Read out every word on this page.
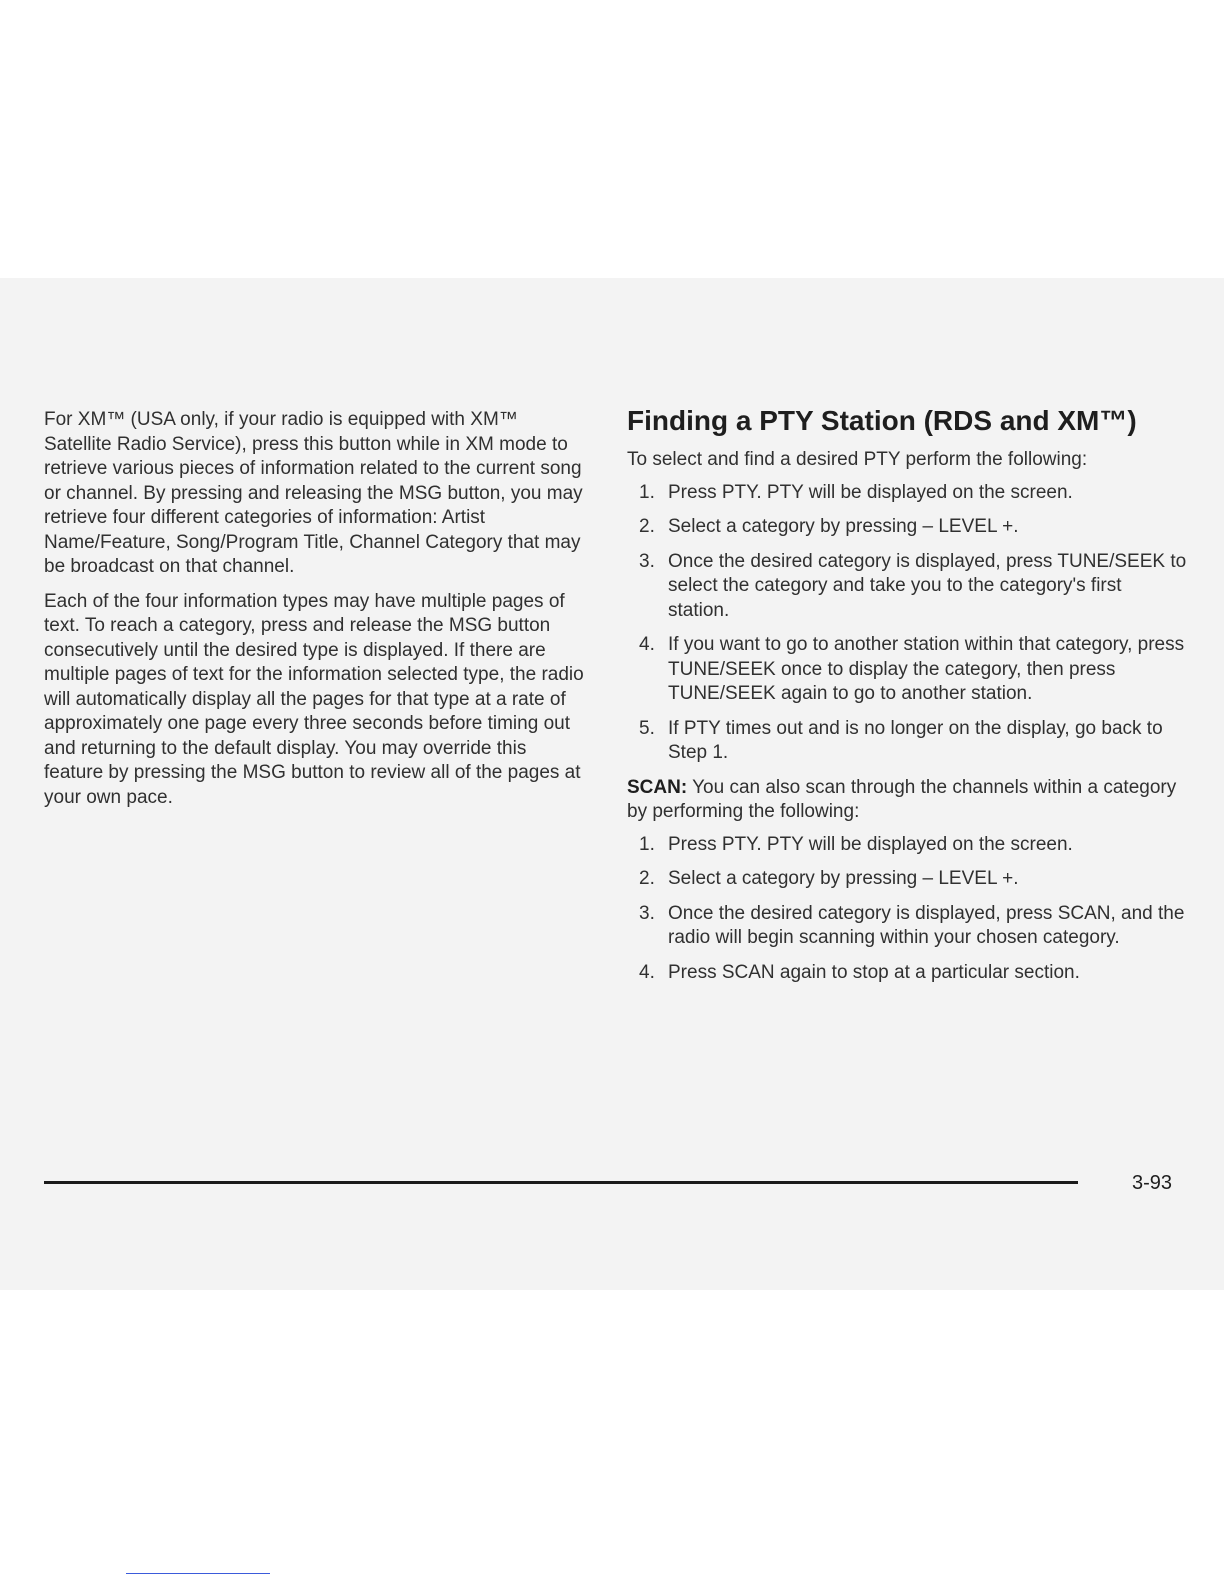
For XM™ (USA only, if your radio is equipped with XM™ Satellite Radio Service), press this button while in XM mode to retrieve various pieces of information related to the current song or channel. By pressing and releasing the MSG button, you may retrieve four different categories of information: Artist Name/Feature, Song/Program Title, Channel Category that may be broadcast on that channel.

Each of the four information types may have multiple pages of text. To reach a category, press and release the MSG button consecutively until the desired type is displayed. If there are multiple pages of text for the information selected type, the radio will automatically display all the pages for that type at a rate of approximately one page every three seconds before timing out and returning to the default display. You may override this feature by pressing the MSG button to review all of the pages at your own pace.

Finding a PTY Station (RDS and XM™)

To select and find a desired PTY perform the following:

1. Press PTY. PTY will be displayed on the screen.
2. Select a category by pressing – LEVEL +.
3. Once the desired category is displayed, press TUNE/SEEK to select the category and take you to the category's first station.
4. If you want to go to another station within that category, press TUNE/SEEK once to display the category, then press TUNE/SEEK again to go to another station.
5. If PTY times out and is no longer on the display, go back to Step 1.

SCAN: You can also scan through the channels within a category by performing the following:

1. Press PTY. PTY will be displayed on the screen.
2. Select a category by pressing – LEVEL +.
3. Once the desired category is displayed, press SCAN, and the radio will begin scanning within your chosen category.
4. Press SCAN again to stop at a particular section.
3-93
